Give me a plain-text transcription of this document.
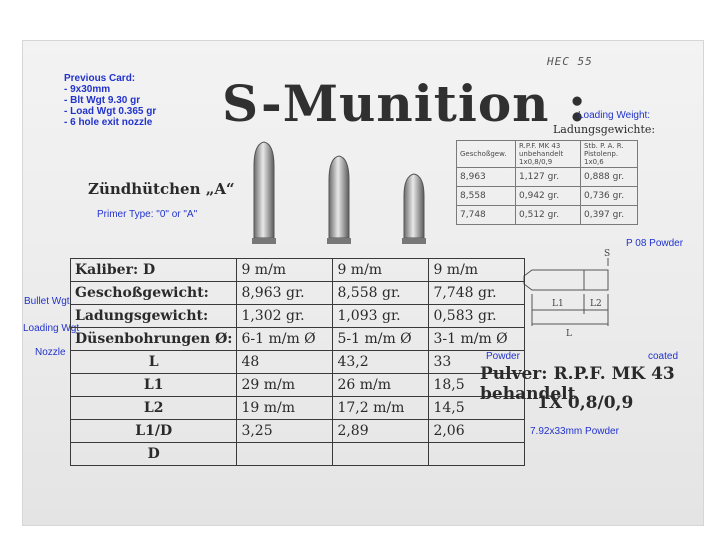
Previous Card:
- 9x30mm
- Blt Wgt 9.30 gr
- Load Wgt 0.365 gr
- 6 hole exit nozzle
HEC 55
S-Munition :
Loading Weight:
Ladungsgewichte:
Zündhütchen „A“
Primer Type: "0" or "A"
Geschoßgew.	R.P.F. MK 43 unbehandelt 1x0,8/0,9	Stb. P. A. R. Pistolenp. 1x0,6
8,963	1,127 gr.	0,888 gr.
8,558	0,942 gr.	0,736 gr.
7,748	0,512 gr.	0,397 gr.
P 08 Powder
S
L1	L2
L
Bullet Wgt
Loading Wgt
Nozzle
Kaliber: D	9 m/m	9 m/m	9 m/m
Geschoßgewicht:	8,963 gr.	8,558 gr.	7,748 gr.
Ladungsgewicht:	1,302 gr.	1,093 gr.	0,583 gr.
Düsenbohrungen Ø:	6-1 m/m Ø	5-1 m/m Ø	3-1 m/m Ø
L	48	43,2	33
L1	29 m/m	26 m/m	18,5
L2	19 m/m	17,2 m/m	14,5
L1/D	3,25	2,89	2,06
D			
Powder	coated
Pulver: R.P.F. MK 43 behandelt
1X 0,8/0,9
7.92x33mm Powder
